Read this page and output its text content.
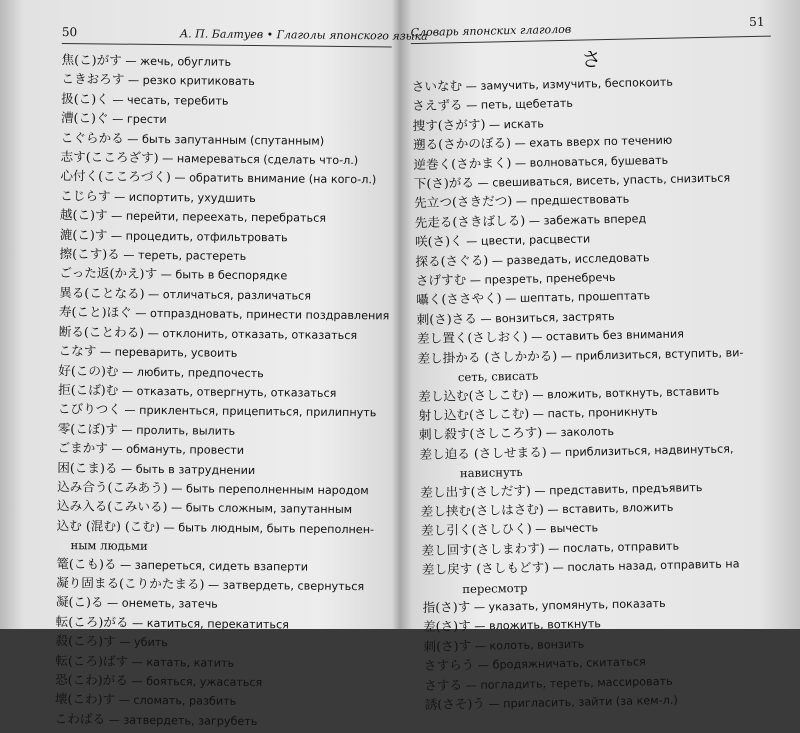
50	А. П. Балтуев • Глаголы японского языка
焦(こ)がす — жечь, обуглить
こきおろす — резко критиковать
扱(こ)く — чесать, теребить
漕(こ)ぐ — грести
こぐらかる — быть запутанным (спутанным)
志す(こころざす) — намереваться (сделать что-л.)
心付く(こころづく) — обратить внимание (на кого-л.)
こじらす — испортить, ухудшить
越(こ)す — перейти, переехать, перебраться
漉(こ)す — процедить, отфильтровать
擦(こす)る — тереть, растереть
ごった返(かえ)す — быть в беспорядке
異る(ことなる) — отличаться, различаться
寿(こと)ほぐ — отпраздновать, принести поздравления
断る(ことわる) — отклонить, отказать, отказаться
こなす — переварить, усвоить
好(この)む — любить, предпочесть
拒(こば)む — отказать, отвергнуть, отказаться
こびりつく — прикленться, прицепиться, прилипнуть
零(こぼ)す — пролить, вылить
ごまかす — обмануть, провести
困(こま)る — быть в затруднении
込み合う(こみあう) — быть переполненным народом
込み入る(こみいる) — быть сложным, запутанным
込む (混む) (こむ) — быть людным, быть переполнен-
ным людьми
篭(こも)る — запереться, сидеть взаперти
凝り固まる(こりかたまる) — затвердеть, свернуться
凝(こ)る — онеметь, затечь
転(ころ)がる — катиться, перекатиться
殺(ころ)す — убить
転(ころ)ばす — катать, катить
恐(こわ)がる — бояться, ужасаться
壊(こわ)す — сломать, разбить
こわばる — затвердеть, загрубеть
Словарь японских глаголов
51
さ
さいなむ — замучить, измучить, беспокоить
さえずる — петь, щебетать
捜す(さがす) — искать
遡る(さかのぼる) — ехать вверх по течению
逆巻く(さかまく) — волноваться, бушевать
下(さ)がる — свешиваться, висеть, упасть, снизиться
先立つ(さきだつ) — предшествовать
先走る(さきばしる) — забежать вперед
咲(さ)く — цвести, расцвести
探る(さぐる) — разведать, исследовать
さげすむ — презреть, пренебречь
囁く(ささやく) — шептать, прошептать
刺(さ)さる — вонзиться, застрять
差し置く(さしおく) — оставить без внимания
差し掛かる (さしかかる) — приблизиться, вступить, ви-
сеть, свисать
差し込む(さしこむ) — вложить, воткнуть, вставить
射し込む(さしこむ) — пасть, проникнуть
刺し殺す(さしころす) — заколоть
差し迫る (さしせまる) — приблизиться, надвинуться,
нависнуть
差し出す(さしだす) — представить, предъявить
差し挟む(さしはさむ) — вставить, вложить
差し引く(さしひく) — вычесть
差し回す(さしまわす) — послать, отправить
差し戻す (さしもどす) — послать назад, отправить на
пересмотр
指(さ)す — указать, упомянуть, показать
差(さ)す — вложить, воткнуть
刺(さ)す — колоть, вонзить
さすらう — бродяжничать, скитаться
さする — погладить, тереть, массировать
誘(さそ)う — пригласить, зайти (за кем-л.)
